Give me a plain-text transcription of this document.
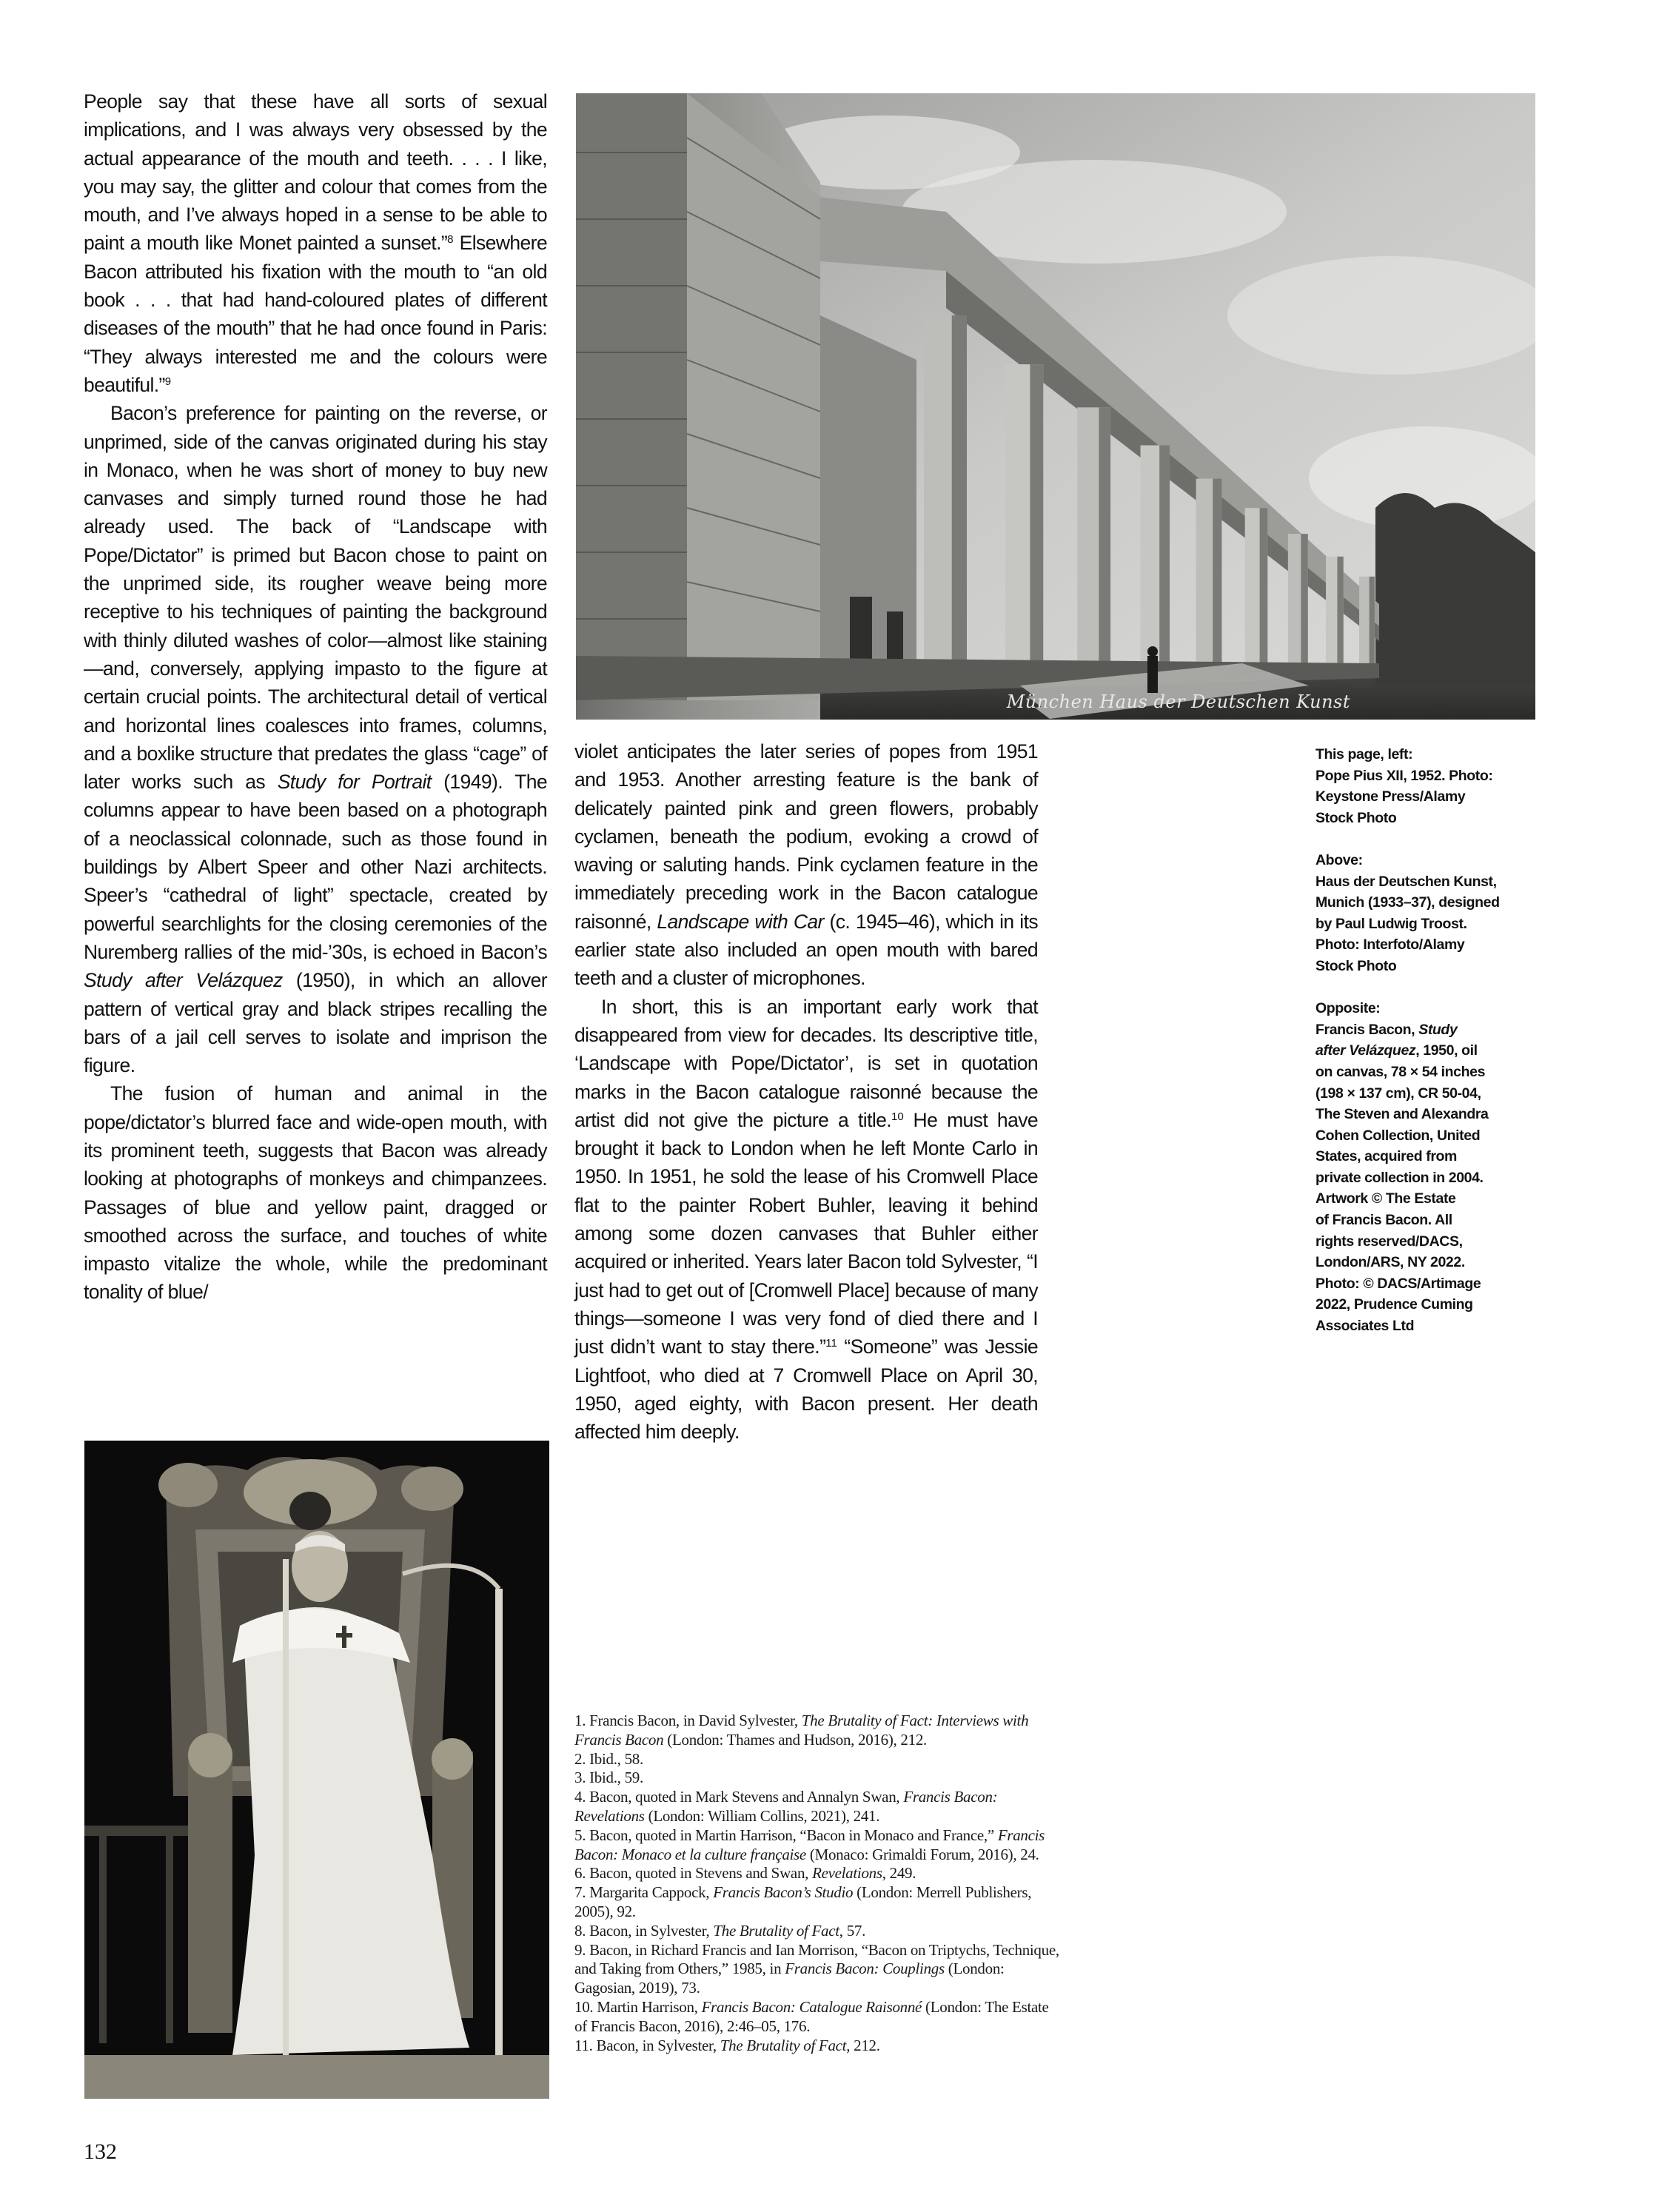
People say that these have all sorts of sexual implications, and I was always very obsessed by the actual appearance of the mouth and teeth. . . . I like, you may say, the glitter and colour that comes from the mouth, and I’ve always hoped in a sense to be able to paint a mouth like Monet painted a sunset.”$^8$ Elsewhere Bacon attributed his fixation with the mouth to “an old book . . . that had hand-coloured plates of different diseases of the mouth” that he had once found in Paris: “They always interested me and the colours were beautiful.”$^9$

Bacon’s preference for painting on the reverse, or unprimed, side of the canvas originated during his stay in Monaco, when he was short of money to buy new canvases and simply turned round those he had already used. The back of “Landscape with Pope/Dictator” is primed but Bacon chose to paint on the unprimed side, its rougher weave being more receptive to his techniques of painting the background with thinly diluted washes of color—almost like staining—and, conversely, applying impasto to the figure at certain crucial points. The architectural detail of vertical and horizontal lines coalesces into frames, columns, and a boxlike structure that predates the glass “cage” of later works such as Study for Portrait (1949). The columns appear to have been based on a photograph of a neoclassical colonnade, such as those found in buildings by Albert Speer and other Nazi architects. Speer’s “cathedral of light” spectacle, created by powerful searchlights for the closing ceremonies of the Nuremberg rallies of the mid-’30s, is echoed in Bacon’s Study after Velázquez (1950), in which an allover pattern of vertical gray and black stripes recalling the bars of a jail cell serves to isolate and imprison the figure.

The fusion of human and animal in the pope/dictator’s blurred face and wide-open mouth, with its prominent teeth, suggests that Bacon was already looking at photographs of monkeys and chimpanzees. Passages of blue and yellow paint, dragged or smoothed across the surface, and touches of white impasto vitalize the whole, while the predominant tonality of blue/

München Haus der Deutschen Kunst

violet anticipates the later series of popes from 1951 and 1953. Another arresting feature is the bank of delicately painted pink and green flowers, probably cyclamen, beneath the podium, evoking a crowd of waving or saluting hands. Pink cyclamen feature in the immediately preceding work in the Bacon catalogue raisonné, Landscape with Car (c. 1945–46), which in its earlier state also included an open mouth with bared teeth and a cluster of microphones.

In short, this is an important early work that disappeared from view for decades. Its descriptive title, ‘Landscape with Pope/Dictator’, is set in quotation marks in the Bacon catalogue raisonné because the artist did not give the picture a title.$^{10}$ He must have brought it back to London when he left Monte Carlo in 1950. In 1951, he sold the lease of his Cromwell Place flat to the painter Robert Buhler, leaving it behind among some dozen canvases that Buhler either acquired or inherited. Years later Bacon told Sylvester, “I just had to get out of [Cromwell Place] because of many things—someone I was very fond of died there and I just didn’t want to stay there.”$^{11}$ “Someone” was Jessie Lightfoot, who died at 7 Cromwell Place on April 30, 1950, aged eighty, with Bacon present. Her death affected him deeply.

This page, left:
Pope Pius XII, 1952. Photo:
Keystone Press/Alamy
Stock Photo
Above:
Haus der Deutschen Kunst,
Munich (1933–37), designed
by Paul Ludwig Troost.
Photo: Interfoto/Alamy
Stock Photo
Opposite:
Francis Bacon, Study
after Velázquez, 1950, oil
on canvas, 78 × 54 inches
(198 × 137 cm), CR 50-04,
The Steven and Alexandra
Cohen Collection, United
States, acquired from
private collection in 2004.
Artwork © The Estate
of Francis Bacon. All
rights reserved/DACS,
London/ARS, NY 2022.
Photo: © DACS/Artimage
2022, Prudence Cuming
Associates Ltd
1. Francis Bacon, in David Sylvester, The Brutality of Fact: Interviews with Francis Bacon (London: Thames and Hudson, 2016), 212.
2. Ibid., 58.
3. Ibid., 59.
4. Bacon, quoted in Mark Stevens and Annalyn Swan, Francis Bacon: Revelations (London: William Collins, 2021), 241.
5. Bacon, quoted in Martin Harrison, “Bacon in Monaco and France,” Francis Bacon: Monaco et la culture française (Monaco: Grimaldi Forum, 2016), 24.
6. Bacon, quoted in Stevens and Swan, Revelations, 249.
7. Margarita Cappock, Francis Bacon’s Studio (London: Merrell Publishers, 2005), 92.
8. Bacon, in Sylvester, The Brutality of Fact, 57.
9. Bacon, in Richard Francis and Ian Morrison, “Bacon on Triptychs, Technique, and Taking from Others,” 1985, in Francis Bacon: Couplings (London: Gagosian, 2019), 73.
10. Martin Harrison, Francis Bacon: Catalogue Raisonné (London: The Estate of Francis Bacon, 2016), 2:46–05, 176.
11. Bacon, in Sylvester, The Brutality of Fact, 212.
132
